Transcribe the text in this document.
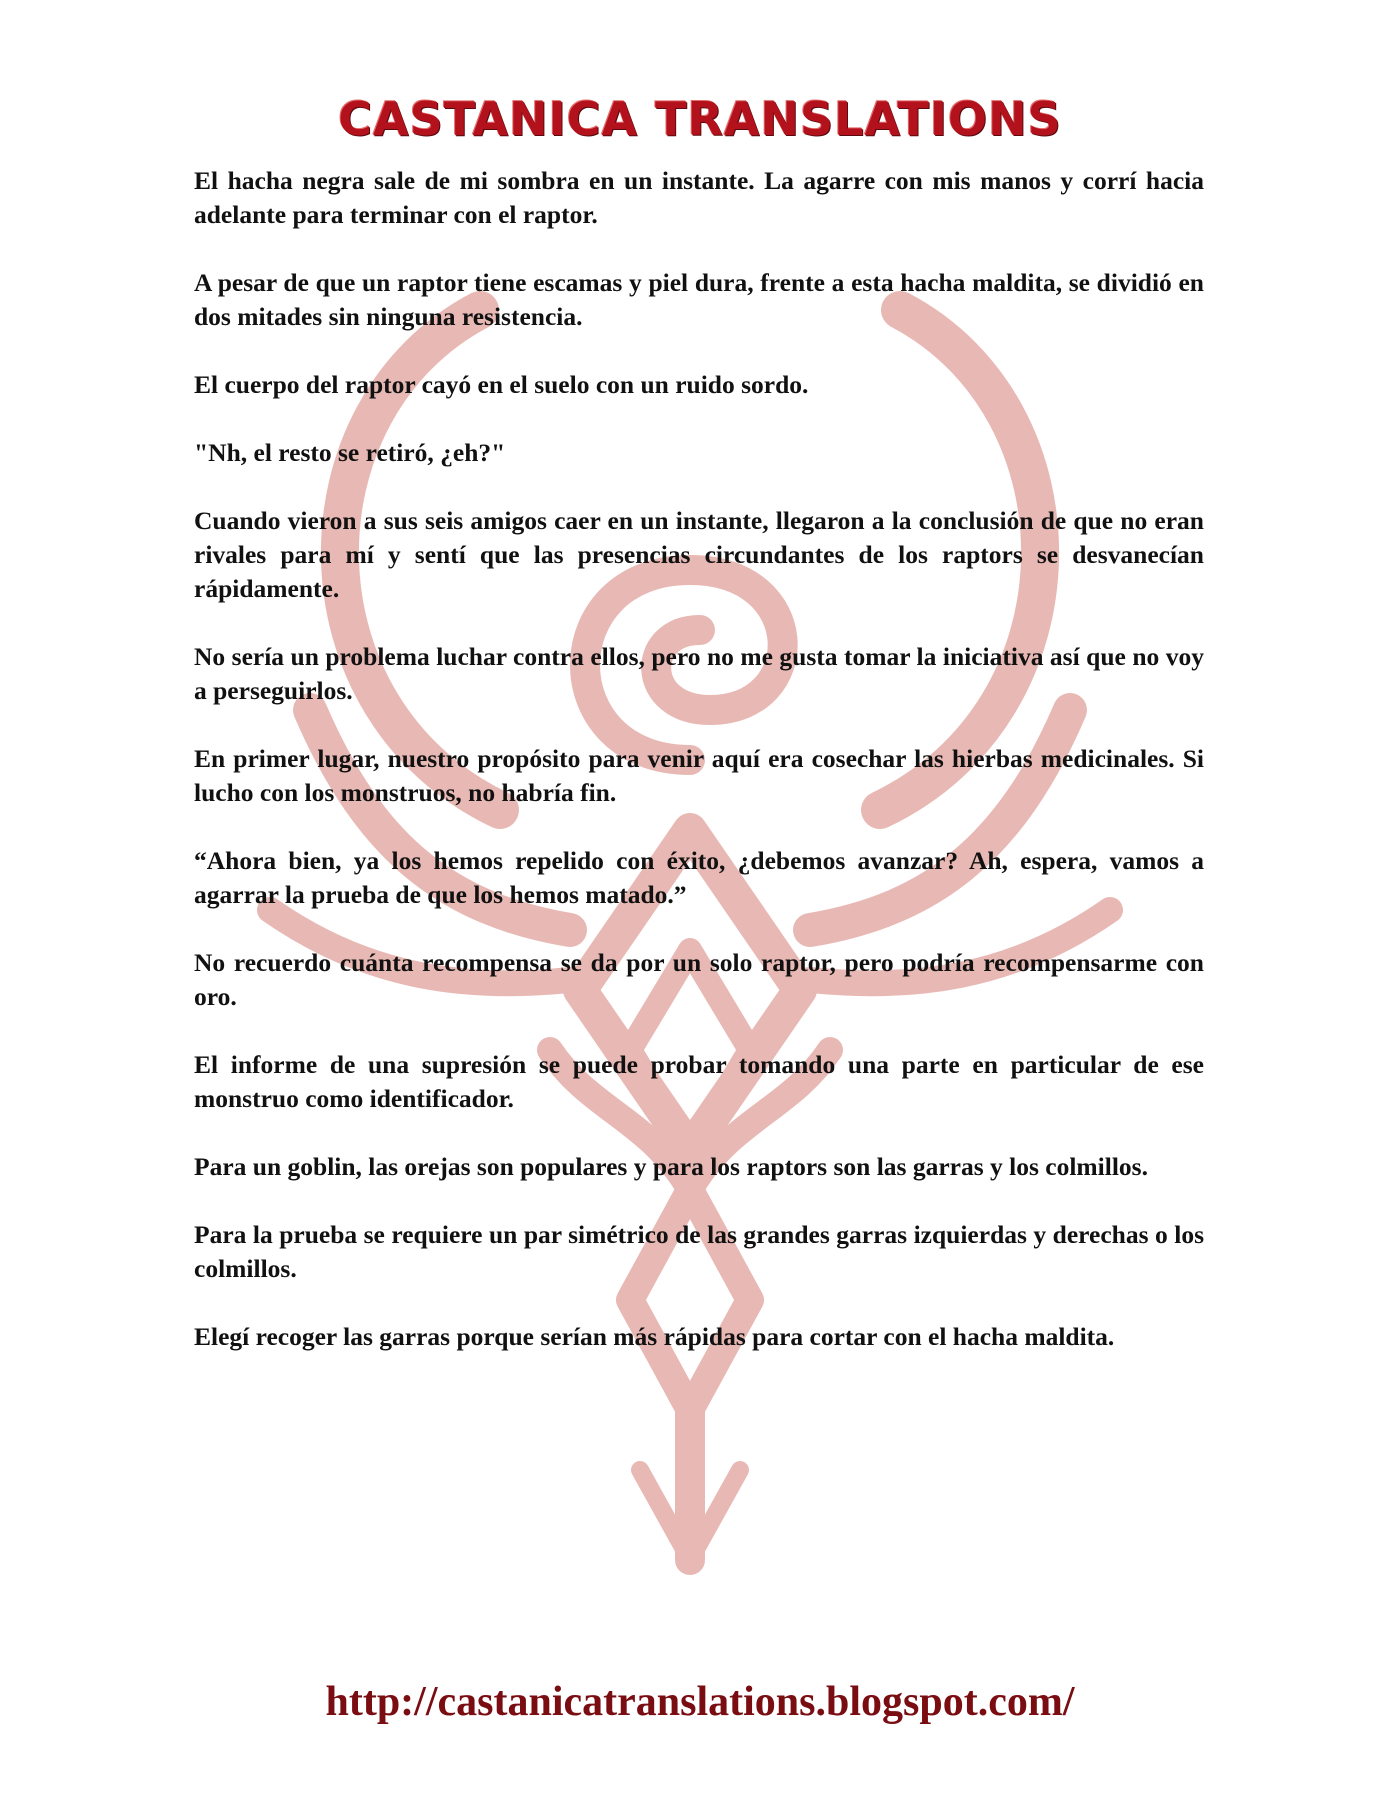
CASTANICA TRANSLATIONS

El hacha negra sale de mi sombra en un instante. La agarre con mis manos y corrí hacia adelante para terminar con el raptor.

A pesar de que un raptor tiene escamas y piel dura, frente a esta hacha maldita, se dividió en dos mitades sin ninguna resistencia.

El cuerpo del raptor cayó en el suelo con un ruido sordo.

"Nh, el resto se retiró, ¿eh?"

Cuando vieron a sus seis amigos caer en un instante, llegaron a la conclusión de que no eran rivales para mí y sentí que las presencias circundantes de los raptors se desvanecían rápidamente.

No sería un problema luchar contra ellos, pero no me gusta tomar la iniciativa así que no voy a perseguirlos.

En primer lugar, nuestro propósito para venir aquí era cosechar las hierbas medicinales. Si lucho con los monstruos, no habría fin.

“Ahora bien, ya los hemos repelido con éxito, ¿debemos avanzar? Ah, espera, vamos a agarrar la prueba de que los hemos matado.”

No recuerdo cuánta recompensa se da por un solo raptor, pero podría recompensarme con oro.

El informe de una supresión se puede probar tomando una parte en particular de ese monstruo como identificador.

Para un goblin, las orejas son populares y para los raptors son las garras y los colmillos.

Para la prueba se requiere un par simétrico de las grandes garras izquierdas y derechas o los colmillos.

Elegí recoger las garras porque serían más rápidas para cortar con el hacha maldita.

http://castanicatranslations.blogspot.com/
